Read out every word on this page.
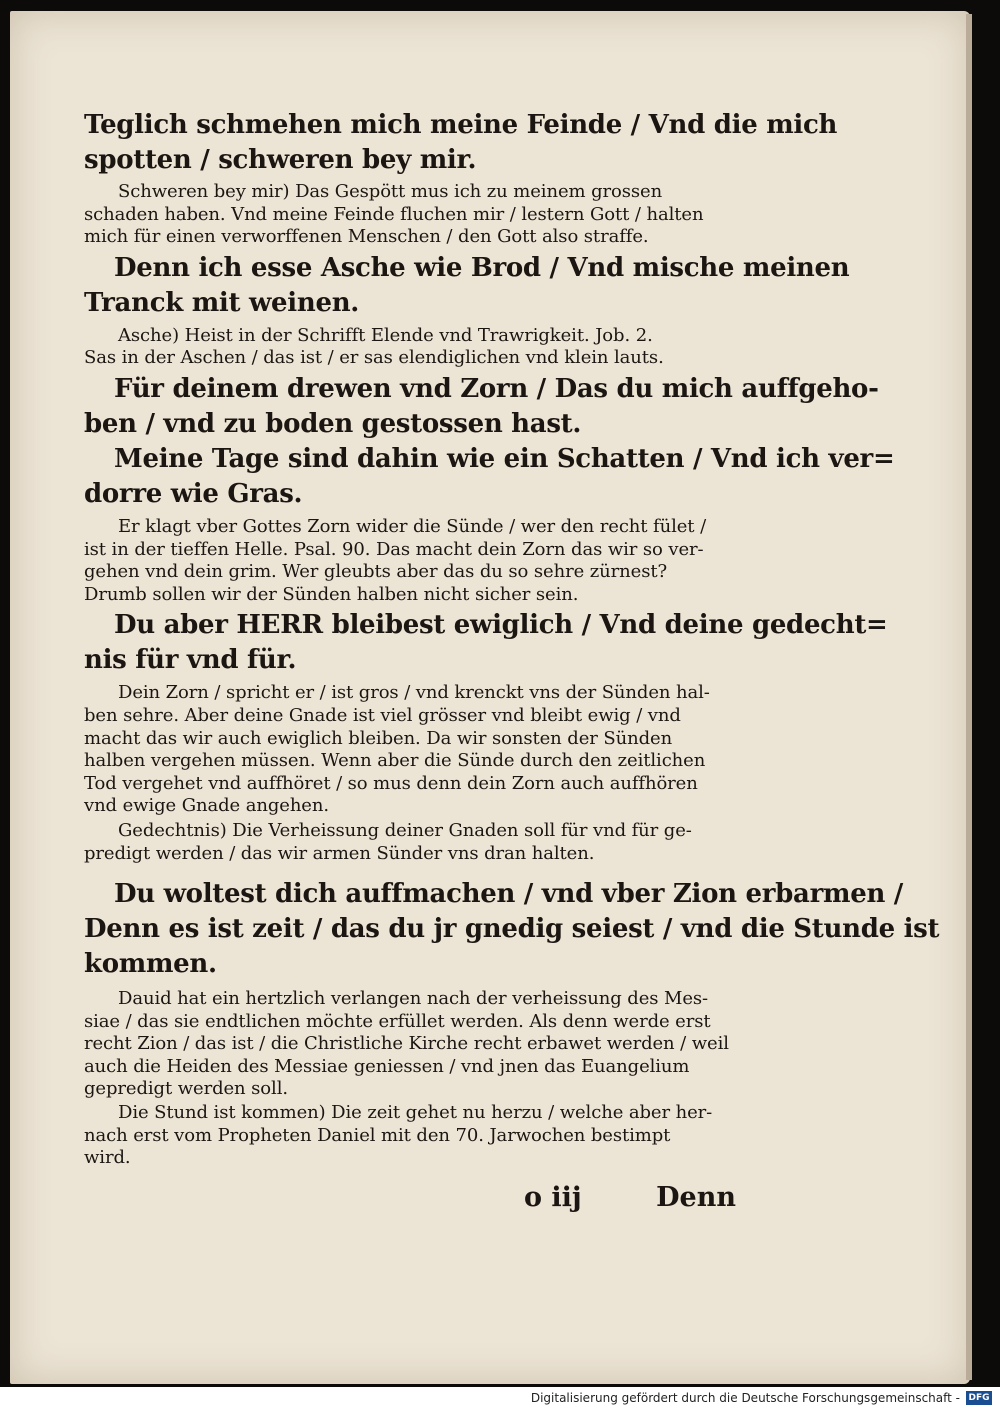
Teglich schmehen mich meine Feinde / Vnd die mich
spotten / schweren bey mir.

Schweren bey mir) Das Gespött mus ich zu meinem grossen
schaden haben. Vnd meine Feinde fluchen mir / lestern Gott / halten
mich für einen verworffenen Menschen / den Gott also straffe.

Denn ich esse Asche wie Brod / Vnd mische meinen
Tranck mit weinen.

Asche) Heist in der Schrifft Elende vnd Trawrigkeit. Job. 2.
Sas in der Aschen / das ist / er sas elendiglichen vnd klein lauts.

Für deinem drewen vnd Zorn / Das du mich auffgeho-
ben / vnd zu boden gestossen hast.

Meine Tage sind dahin wie ein Schatten / Vnd ich ver=
dorre wie Gras.

Er klagt vber Gottes Zorn wider die Sünde / wer den recht fület /
ist in der tieffen Helle. Psal. 90. Das macht dein Zorn das wir so ver-
gehen vnd dein grim. Wer gleubts aber das du so sehre zürnest?
Drumb sollen wir der Sünden halben nicht sicher sein.

Du aber HERR bleibest ewiglich / Vnd deine gedecht=
nis für vnd für.

Dein Zorn / spricht er / ist gros / vnd krenckt vns der Sünden hal-
ben sehre. Aber deine Gnade ist viel grösser vnd bleibt ewig / vnd
macht das wir auch ewiglich bleiben. Da wir sonsten der Sünden
halben vergehen müssen. Wenn aber die Sünde durch den zeitlichen
Tod vergehet vnd auffhöret / so mus denn dein Zorn auch auffhören
vnd ewige Gnade angehen.

Gedechtnis) Die Verheissung deiner Gnaden soll für vnd für ge-
predigt werden / das wir armen Sünder vns dran halten.

Du woltest dich auffmachen / vnd vber Zion erbarmen /
Denn es ist zeit / das du jr gnedig seiest / vnd die Stunde ist
kommen.

Dauid hat ein hertzlich verlangen nach der verheissung des Mes-
siae / das sie endtlichen möchte erfüllet werden. Als denn werde erst
recht Zion / das ist / die Christliche Kirche recht erbawet werden / weil
auch die Heiden des Messiae geniessen / vnd jnen das Euangelium
gepredigt werden soll.

Die Stund ist kommen) Die zeit gehet nu herzu / welche aber her-
nach erst vom Propheten Daniel mit den 70. Jarwochen bestimpt
wird.

o iij	Denn
Digitalisierung gefördert durch die Deutsche Forschungsgemeinschaft - DFG
